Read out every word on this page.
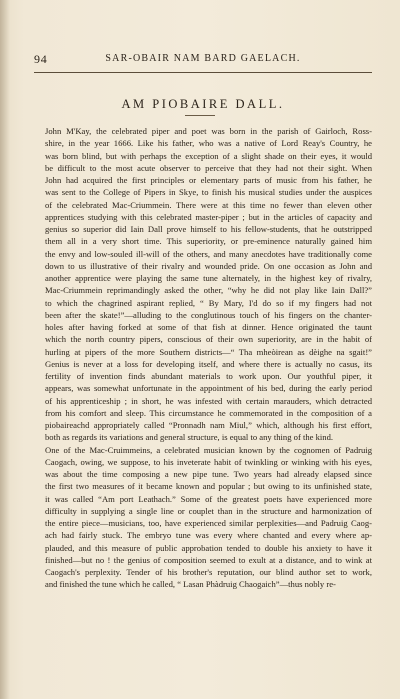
94	SAR-OBAIR NAM BARD GAELACH.
AM PIOBAIRE DALL.

John M'Kay, the celebrated piper and poet was born in the parish of Gairloch, Ross-
shire, in the year 1666. Like his father, who was a native of Lord Reay's Country, he
was born blind, but with perhaps the exception of a slight shade on their eyes, it would
be difficult to the most acute observer to perceive that they had not their sight. When
John had acquired the first principles or elementary parts of music from his father, he
was sent to the College of Pipers in Skye, to finish his musical studies under the auspices
of the celebrated Mac-Criummein. There were at this time no fewer than eleven other
apprentices studying with this celebrated master-piper ; but in the articles of capacity and
genius so superior did Iain Dall prove himself to his fellow-students, that he outstripped
them all in a very short time. This superiority, or pre-eminence naturally gained him
the envy and low-souled ill-will of the others, and many anecdotes have traditionally come
down to us illustrative of their rivalry and wounded pride. On one occasion as John and
another apprentice were playing the same tune alternately, in the highest key of rivalry,
Mac-Criummein reprimandingly asked the other, “why he did not play like Iain Dall?”
to which the chagrined aspirant replied, “ By Mary, I'd do so if my fingers had not
been after the skate!”—alluding to the conglutinous touch of his fingers on the chanter-
holes after having forked at some of that fish at dinner. Hence originated the taunt
which the north country pipers, conscious of their own superiority, are in the habit of
hurling at pipers of the more Southern districts—“ Tha mheòirean as dèighe na sgait!”
Genius is never at a loss for developing itself, and where there is actually no casus, its
fertility of invention finds abundant materials to work upon. Our youthful piper, it
appears, was somewhat unfortunate in the appointment of his bed, during the early period
of his apprenticeship ; in short, he was infested with certain marauders, which detracted
from his comfort and sleep. This circumstance he commemorated in the composition of a
piobaireachd appropriately called “Pronnadh nam Miul,” which, although his first effort,
both as regards its variations and general structure, is equal to any thing of the kind.

One of the Mac-Cruimmeins, a celebrated musician known by the cognomen of Padruig
Caogach, owing, we suppose, to his inveterate habit of twinkling or winking with his eyes,
was about the time composing a new pipe tune. Two years had already elapsed since
the first two measures of it became known and popular ; but owing to its unfinished state,
it was called “Am port Leathach.” Some of the greatest poets have experienced more
difficulty in supplying a single line or couplet than in the structure and harmonization of
the entire piece—musicians, too, have experienced similar perplexities—and Padruig Caog-
ach had fairly stuck. The embryo tune was every where chanted and every where ap-
plauded, and this measure of public approbation tended to double his anxiety to have it
finished—but no ! the genius of composition seemed to exult at a distance, and to wink at
Caogach's perplexity. Tender of his brother's reputation, our blind author set to work,
and finished the tune which he called, “ Lasan Phàdruig Chaogaich”—thus nobly re-
